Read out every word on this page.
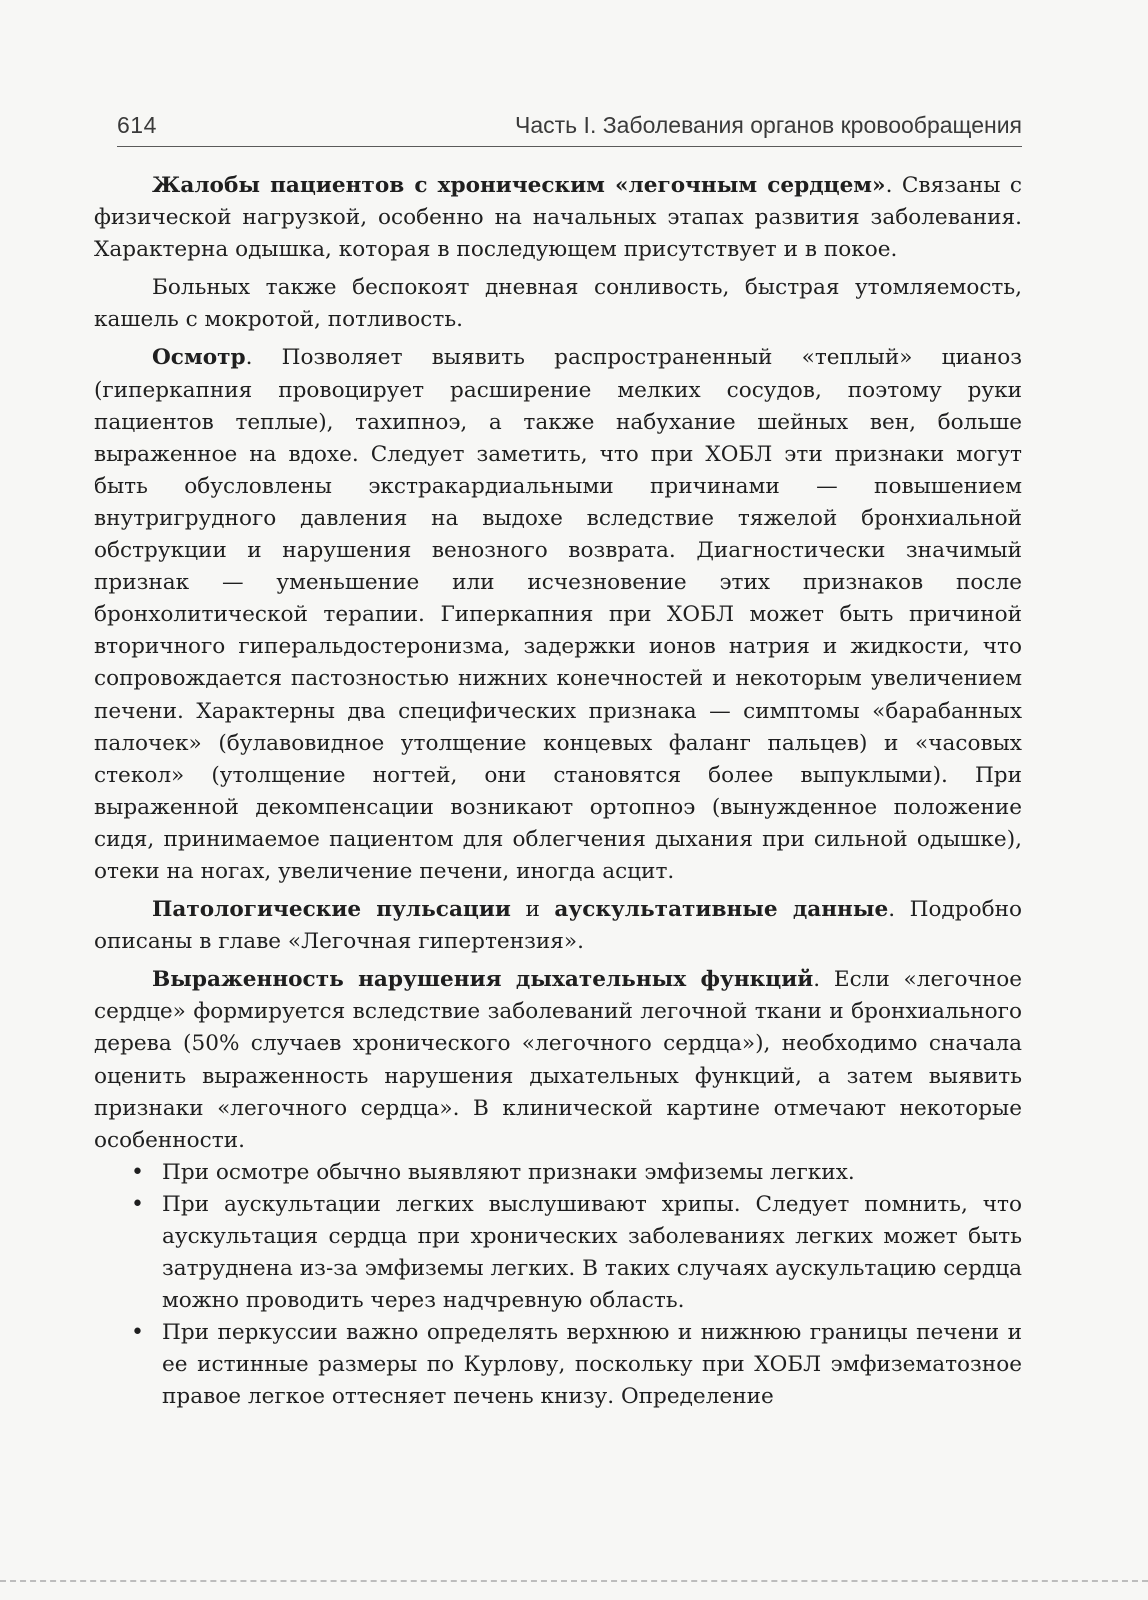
614	Часть I. Заболевания органов кровообращения

Жалобы пациентов с хроническим «легочным сердцем». Связаны с физической нагрузкой, особенно на начальных этапах развития заболевания. Характерна одышка, которая в последующем присутствует и в покое.

Больных также беспокоят дневная сонливость, быстрая утомляемость, кашель с мокротой, потливость.

Осмотр. Позволяет выявить распространенный «теплый» цианоз (гиперкапния провоцирует расширение мелких сосудов, поэтому руки пациентов теплые), тахипноэ, а также набухание шейных вен, больше выраженное на вдохе. Следует заметить, что при ХОБЛ эти признаки могут быть обусловлены экстракардиальными причинами — повышением внутригрудного давления на выдохе вследствие тяжелой бронхиальной обструкции и нарушения венозного возврата. Диагностически значимый признак — уменьшение или исчезновение этих признаков после бронхолитической терапии. Гиперкапния при ХОБЛ может быть причиной вторичного гиперальдостеронизма, задержки ионов натрия и жидкости, что сопровождается пастозностью нижних конечностей и некоторым увеличением печени. Характерны два специфических признака — симптомы «барабанных палочек» (булавовидное утолщение концевых фаланг пальцев) и «часовых стекол» (утолщение ногтей, они становятся более выпуклыми). При выраженной декомпенсации возникают ортопноэ (вынужденное положение сидя, принимаемое пациентом для облегчения дыхания при сильной одышке), отеки на ногах, увеличение печени, иногда асцит.

Патологические пульсации и аускультативные данные. Подробно описаны в главе «Легочная гипертензия».

Выраженность нарушения дыхательных функций. Если «легочное сердце» формируется вследствие заболеваний легочной ткани и бронхиального дерева (50% случаев хронического «легочного сердца»), необходимо сначала оценить выраженность нарушения дыхательных функций, а затем выявить признаки «легочного сердца». В клинической картине отмечают некоторые особенности.

• При осмотре обычно выявляют признаки эмфиземы легких.
• При аускультации легких выслушивают хрипы. Следует помнить, что аускультация сердца при хронических заболеваниях легких может быть затруднена из-за эмфиземы легких. В таких случаях аускультацию сердца можно проводить через надчревную область.
• При перкуссии важно определять верхнюю и нижнюю границы печени и ее истинные размеры по Курлову, поскольку при ХОБЛ эмфизематозное правое легкое оттесняет печень книзу. Определение
